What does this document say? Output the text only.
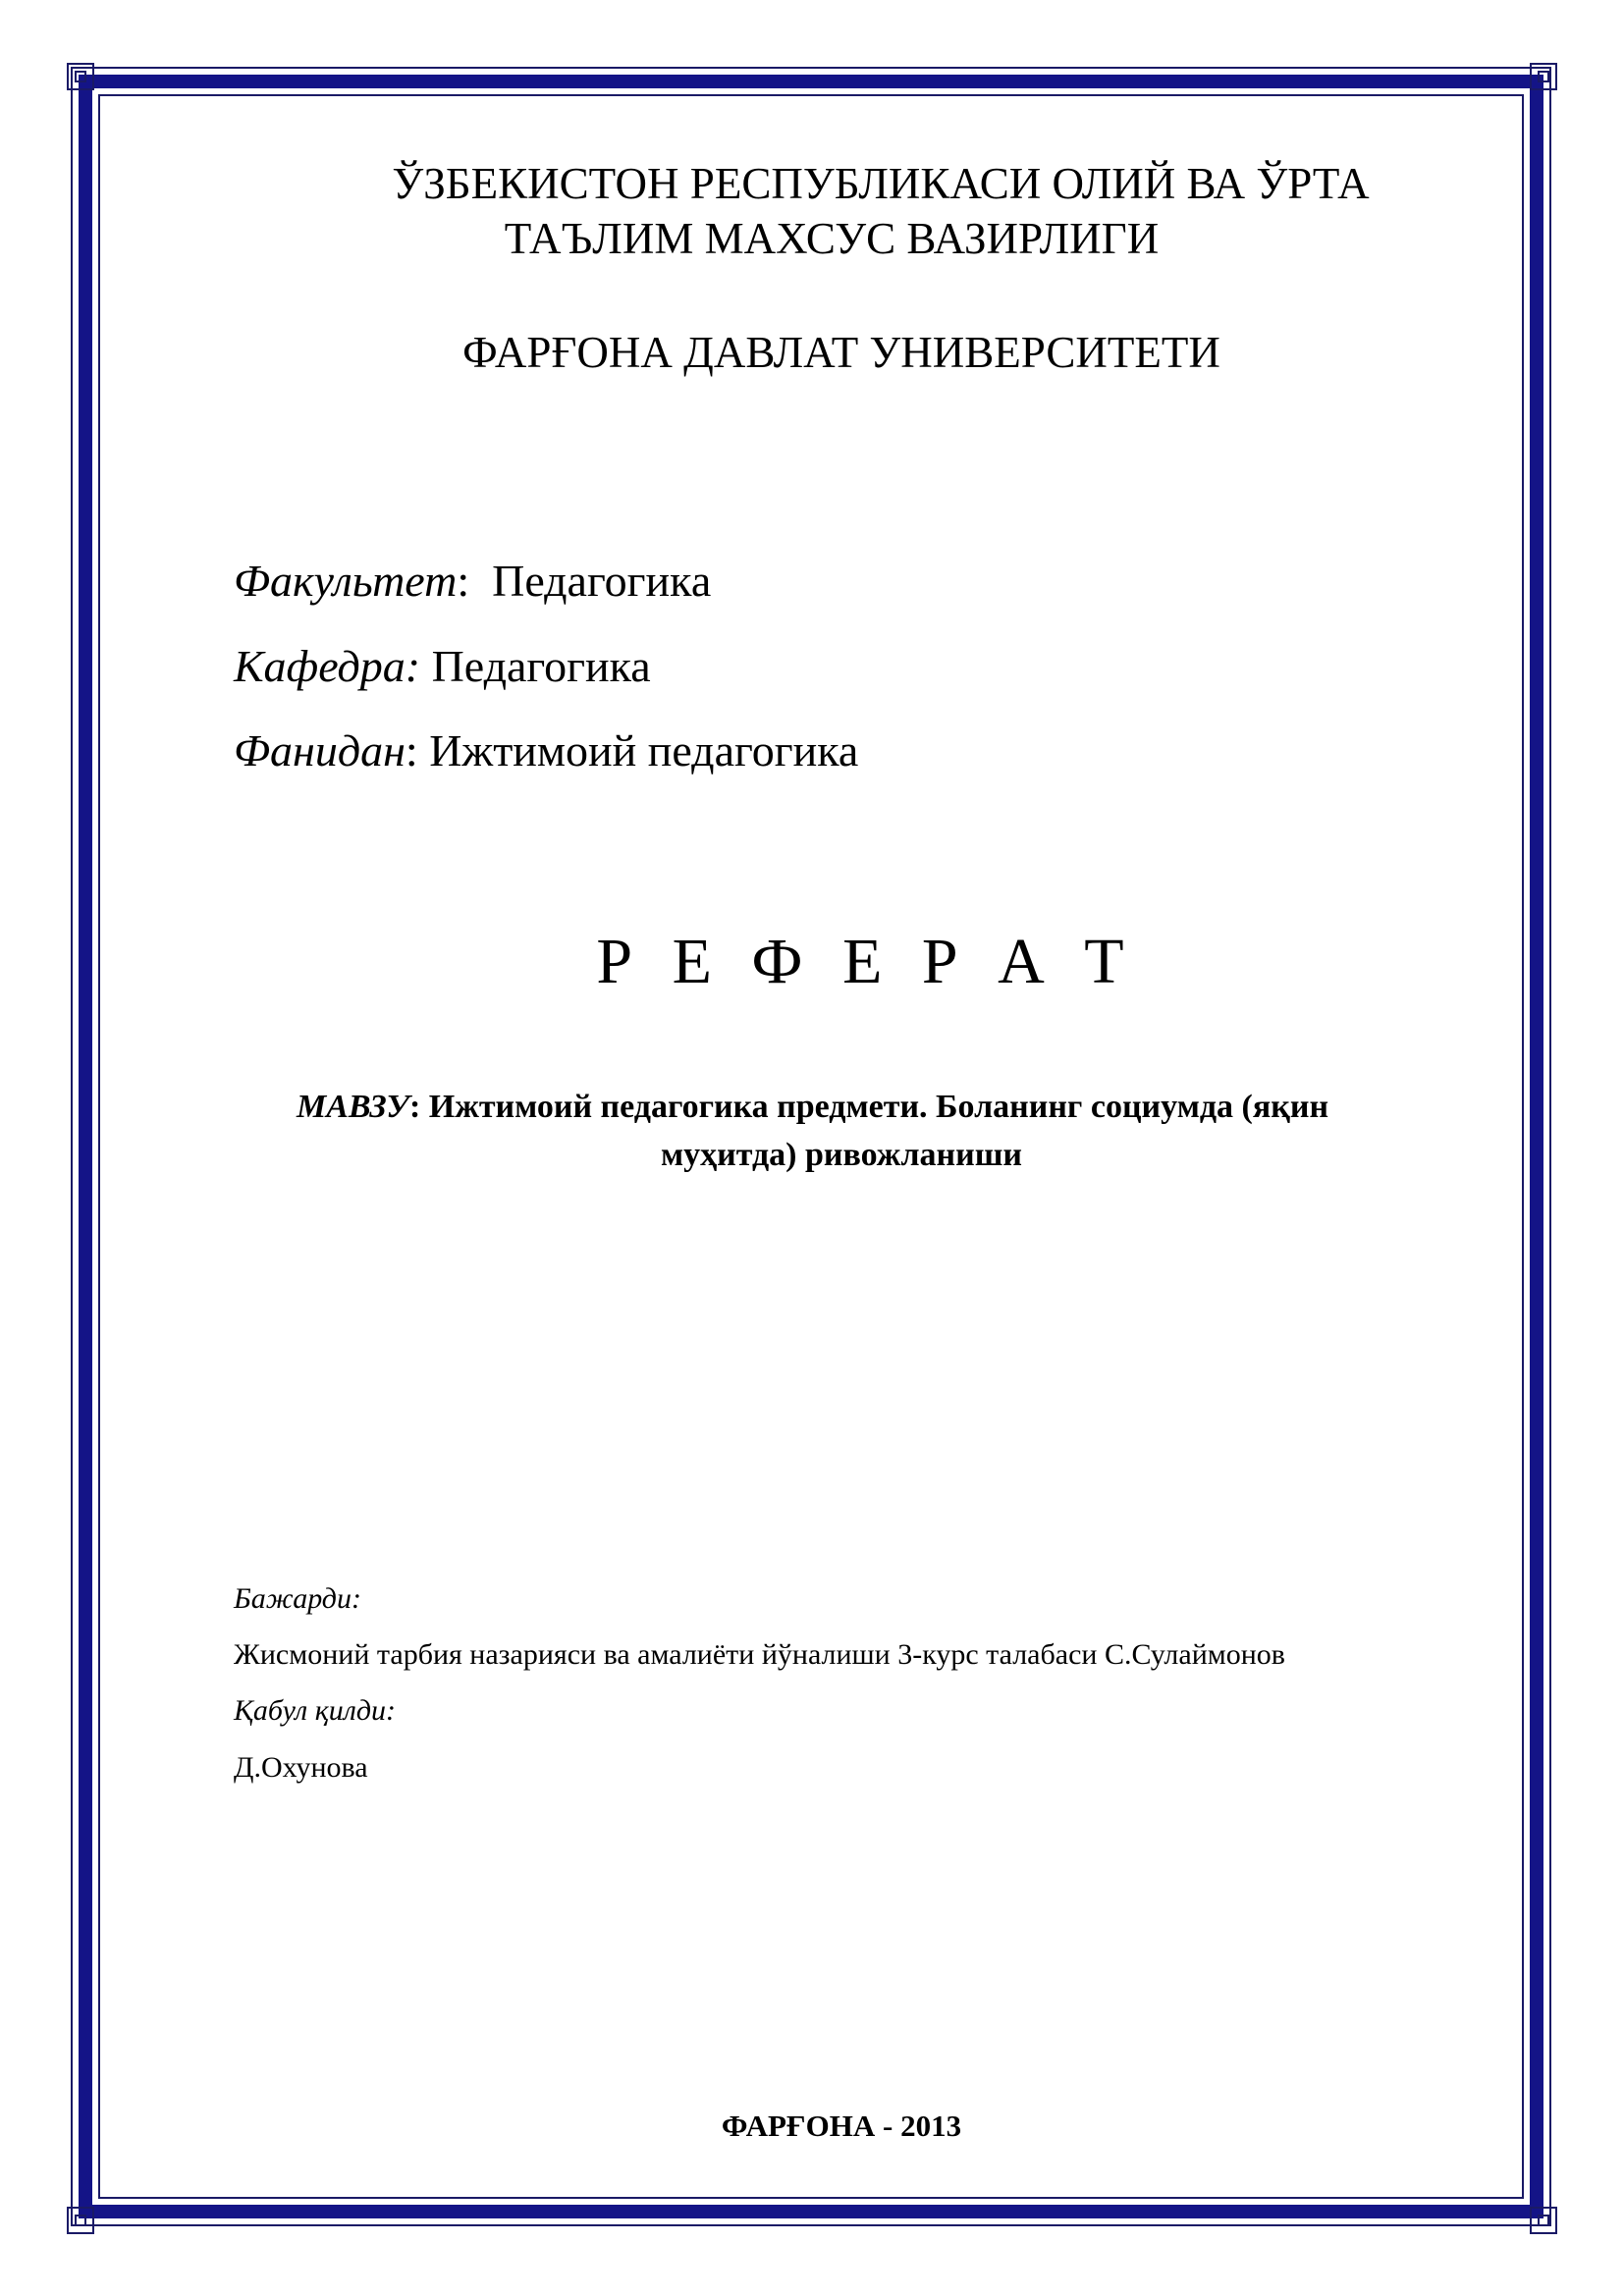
ЎЗБЕКИСТОН РЕСПУБЛИКАСИ ОЛИЙ ВА ЎРТА
ТАЪЛИМ МАХСУС ВАЗИРЛИГИ
ФАРҒОНА ДАВЛАТ УНИВЕРСИТЕТИ
Факультет: Педагогика
Кафедра: Педагогика
Фанидан: Ижтимоий педагогика
Р Е Ф Е Р А Т
МАВЗУ: Ижтимоий педагогика предмети. Боланинг социумда (яқин
муҳитда) ривожланиши
Бажарди:
Жисмоний тарбия назарияси ва амалиёти йўналиши 3-курс талабаси С.Сулаймонов
Қабул қилди:
Д.Охунова
ФАРҒОНА - 2013
